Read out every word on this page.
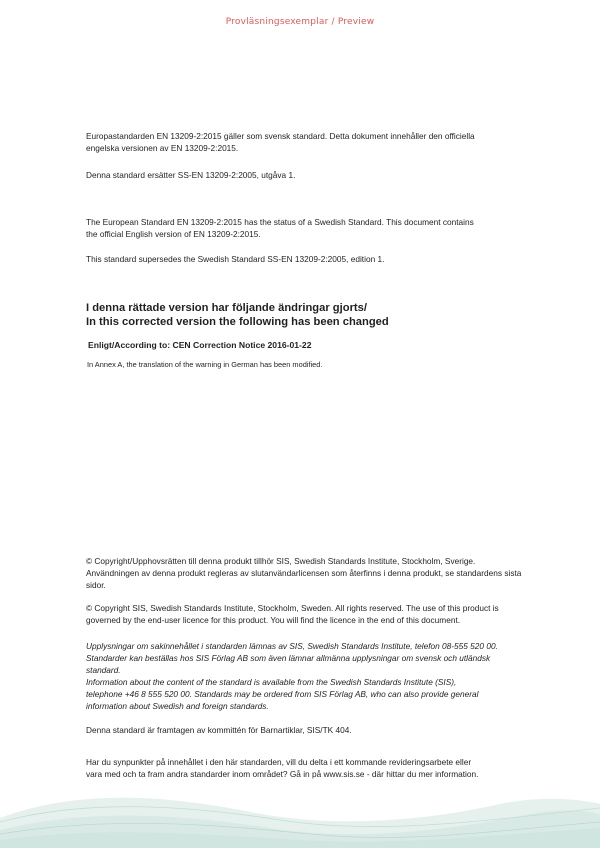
Provläsningsexemplar / Preview

Europastandarden EN 13209-2:2015 gäller som svensk standard. Detta dokument innehåller den officiella
engelska versionen av EN 13209-2:2015.

Denna standard ersätter SS-EN 13209-2:2005, utgåva 1.

The European Standard EN 13209-2:2015 has the status of a Swedish Standard. This document contains
the official English version of EN 13209-2:2015.

This standard supersedes the Swedish Standard SS-EN 13209-2:2005, edition 1.

I denna rättade version har följande ändringar gjorts/
In this corrected version the following has been changed

Enligt/According to: CEN Correction Notice 2016-01-22

In Annex A, the translation of the warning in German has been modified.

© Copyright/Upphovsrätten till denna produkt tillhör SIS, Swedish Standards Institute, Stockholm, Sverige.
Användningen av denna produkt regleras av slutanvändarlicensen som återfinns i denna produkt, se standardens sista
sidor.

© Copyright SIS, Swedish Standards Institute, Stockholm, Sweden. All rights reserved. The use of this product is
governed by the end-user licence for this product. You will find the licence in the end of this document.

Upplysningar om sakinnehållet i standarden lämnas av SIS, Swedish Standards Institute, telefon 08-555 520 00.
Standarder kan beställas hos SIS Förlag AB som även lämnar allmänna upplysningar om svensk och utländsk standard.

Information about the content of the standard is available from the Swedish Standards Institute (SIS),
telephone +46 8 555 520 00. Standards may be ordered from SIS Förlag AB, who can also provide general
information about Swedish and foreign standards.

Denna standard är framtagen av kommittén för Barnartiklar, SIS/TK 404.

Har du synpunkter på innehållet i den här standarden, vill du delta i ett kommande revideringsarbete eller
vara med och ta fram andra standarder inom området? Gå in på www.sis.se - där hittar du mer information.
